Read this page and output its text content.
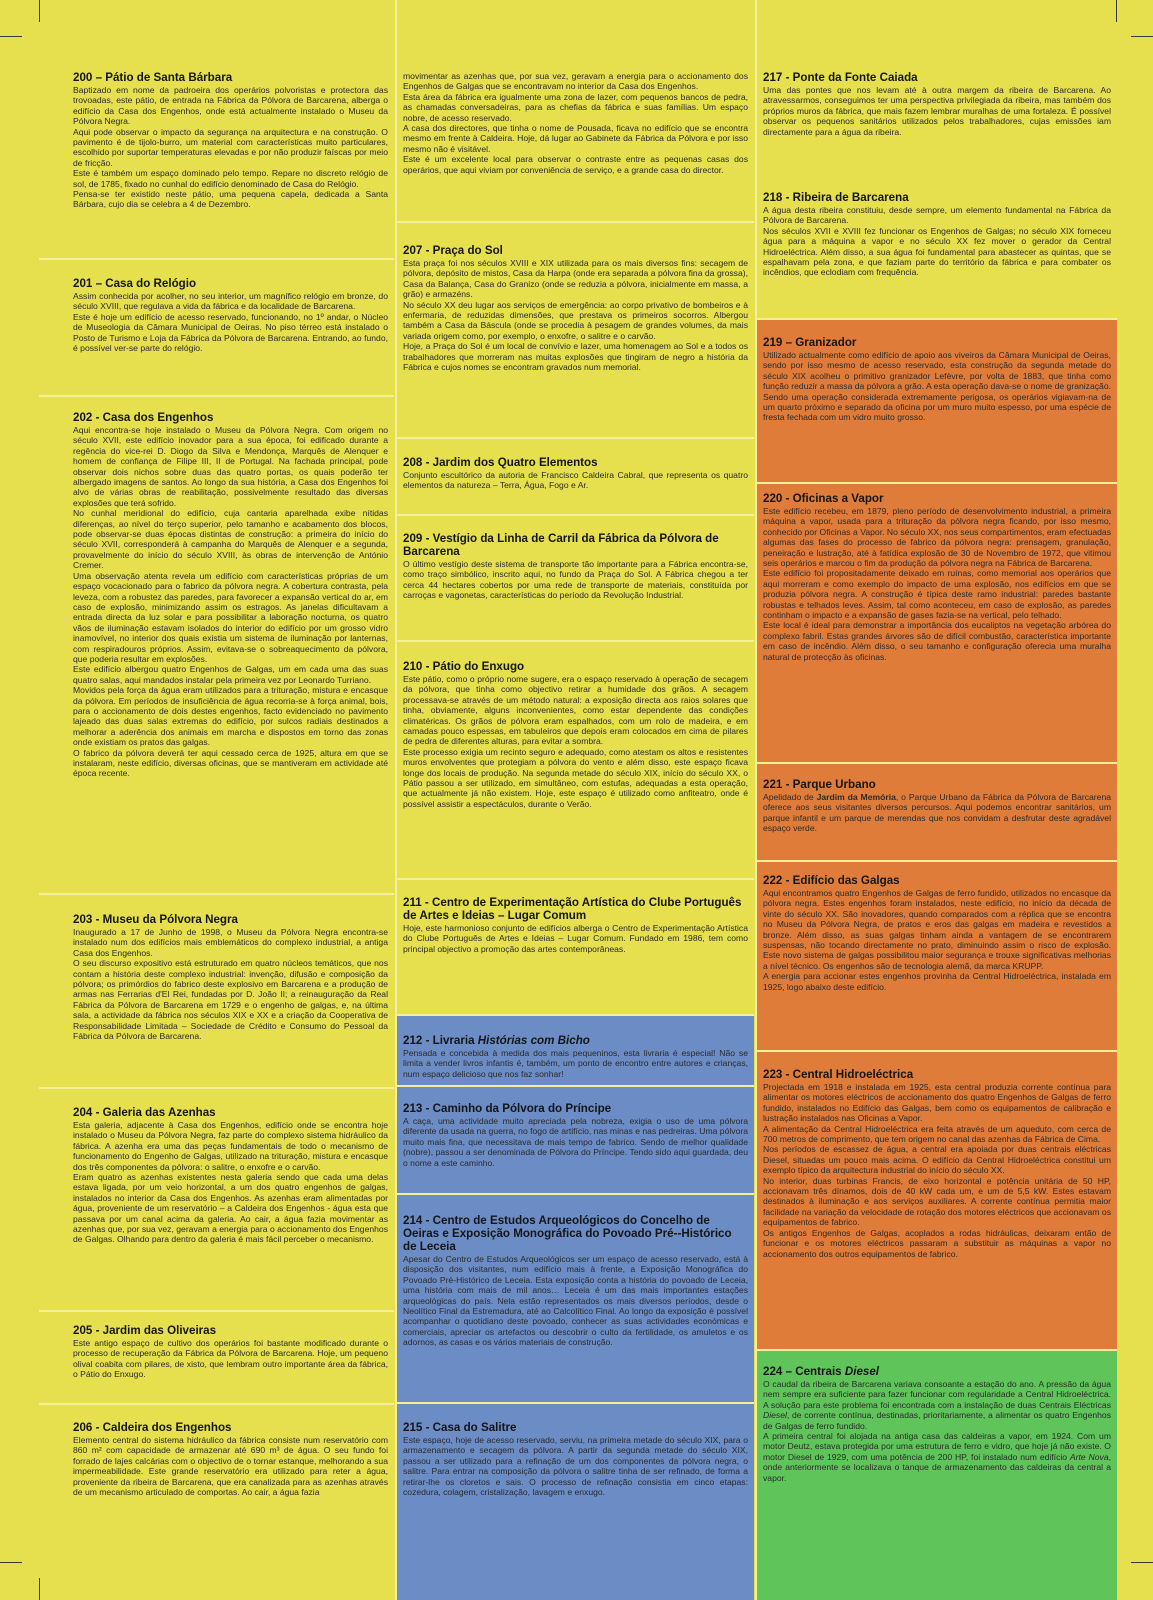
200 – Pátio de Santa Bárbara

Baptizado em nome da padroeira dos operários polvoristas e protectora das trovoadas, este pátio, de entrada na Fábrica da Pólvora de Barcarena, alberga o edifício da Casa dos Engenhos, onde está actualmente instalado o Museu da Pólvora Negra.

Aqui pode observar o impacto da segurança na arquitectura e na construção. O pavimento é de tijolo-burro, um material com características muito particulares, escolhido por suportar temperaturas elevadas e por não produzir faíscas por meio de fricção.

Este é também um espaço dominado pelo tempo. Repare no discreto relógio de sol, de 1785, fixado no cunhal do edifício denominado de Casa do Relógio.

Pensa-se ter existido neste pátio, uma pequena capela, dedicada a Santa Bárbara, cujo dia se celebra a 4 de Dezembro.

201 – Casa do Relógio

Assim conhecida por acolher, no seu interior, um magnífico relógio em bronze, do século XVIII, que regulava a vida da fábrica e da localidade de Barcarena.

Este é hoje um edifício de acesso reservado, funcionando, no 1º andar, o Núcleo de Museologia da Câmara Municipal de Oeiras. No piso térreo está instalado o Posto de Turismo e Loja da Fábrica da Pólvora de Barcarena. Entrando, ao fundo, é possível ver-se parte do relógio.

202 - Casa dos Engenhos

Aqui encontra-se hoje instalado o Museu da Pólvora Negra. Com origem no século XVII, este edifício inovador para a sua época, foi edificado durante a regência do vice-rei D. Diogo da Silva e Mendonça, Marquês de Alenquer e homem de confiança de Filipe III, II de Portugal. Na fachada principal, pode observar dois nichos sobre duas das quatro portas, os quais poderão ter albergado imagens de santos. Ao longo da sua história, a Casa dos Engenhos foi alvo de várias obras de reabilitação, possivelmente resultado das diversas explosões que terá sofrido.

No cunhal meridional do edifício, cuja cantaria aparelhada exibe nítidas diferenças, ao nível do terço superior, pelo tamanho e acabamento dos blocos, pode observar-se duas épocas distintas de construção: a primeira do início do século XVII, corresponderá à campanha do Marquês de Alenquer e a segunda, provavelmente do início do século XVIII, às obras de intervenção de António Cremer.

Uma observação atenta revela um edifício com características próprias de um espaço vocacionado para o fabrico da pólvora negra. A cobertura contrasta, pela leveza, com a robustez das paredes, para favorecer a expansão vertical do ar, em caso de explosão, minimizando assim os estragos. As janelas dificultavam a entrada directa da luz solar e para possibilitar a laboração nocturna, os quatro vãos de iluminação estavam isolados do interior do edifício por um grosso vidro inamovível, no interior dos quais existia um sistema de iluminação por lanternas, com respiradouros próprios. Assim, evitava-se o sobreaquecimento da pólvora, que poderia resultar em explosões.

Este edifício albergou quatro Engenhos de Galgas, um em cada uma das suas quatro salas, aqui mandados instalar pela primeira vez por Leonardo Turriano.

Movidos pela força da água eram utilizados para a trituração, mistura e encasque da pólvora. Em períodos de insuficiência de água recorria-se à força animal, bois, para o accionamento de dois destes engenhos, facto evidenciado no pavimento lajeado das duas salas extremas do edifício, por sulcos radiais destinados a melhorar a aderência dos animais em marcha e dispostos em torno das zonas onde existiam os pratos das galgas.

O fabrico da pólvora deverá ter aqui cessado cerca de 1925, altura em que se instalaram, neste edifício, diversas oficinas, que se mantiveram em actividade até época recente.

203 - Museu da Pólvora Negra

Inaugurado a 17 de Junho de 1998, o Museu da Pólvora Negra encontra-se instalado num dos edifícios mais emblemáticos do complexo industrial, a antiga Casa dos Engenhos.

O seu discurso expositivo está estruturado em quatro núcleos temáticos, que nos contam a história deste complexo industrial: invenção, difusão e composição da pólvora; os primórdios do fabrico deste explosivo em Barcarena e a produção de armas nas Ferrarias d'El Rei, fundadas por D. João II; a reinauguração da Real Fábrica da Pólvora de Barcarena em 1729 e o engenho de galgas, e, na última sala, a actividade da fábrica nos séculos XIX e XX e a criação da Cooperativa de Responsabilidade Limitada – Sociedade de Crédito e Consumo do Pessoal da Fábrica da Pólvora de Barcarena.

204 - Galeria das Azenhas

Esta galeria, adjacente à Casa dos Engenhos, edifício onde se encontra hoje instalado o Museu da Pólvora Negra, faz parte do complexo sistema hidráulico da fábrica. A azenha era uma das peças fundamentais de todo o mecanismo de funcionamento do Engenho de Galgas, utilizado na trituração, mistura e encasque dos três componentes da pólvora: o salitre, o enxofre e o carvão.

Eram quatro as azenhas existentes nesta galeria sendo que cada uma delas estava ligada, por um veio horizontal, a um dos quatro engenhos de galgas, instalados no interior da Casa dos Engenhos. As azenhas eram alimentadas por água, proveniente de um reservatório – a Caldeira dos Engenhos - água esta que passava por um canal acima da galeria. Ao cair, a água fazia movimentar as azenhas que, por sua vez, geravam a energia para o accionamento dos Engenhos de Galgas. Olhando para dentro da galeria é mais fácil perceber o mecanismo.

205 - Jardim das Oliveiras

Este antigo espaço de cultivo dos operários foi bastante modificado durante o processo de recuperação da Fábrica da Pólvora de Barcarena. Hoje, um pequeno olival coabita com pilares, de xisto, que lembram outro importante área da fábrica, o Pátio do Enxugo.

206 - Caldeira dos Engenhos

Elemento central do sistema hidráulico da fábrica consiste num reservatório com 860 m² com capacidade de armazenar até 690 m³ de água. O seu fundo foi forrado de lajes calcárias com o objectivo de o tornar estanque, melhorando a sua impermeabilidade. Este grande reservatório era utilizado para reter a água, proveniente da ribeira de Barcarena, que era canalizada para as azenhas através de um mecanismo articulado de comportas. Ao cair, a água fazia

movimentar as azenhas que, por sua vez, geravam a energia para o accionamento dos Engenhos de Galgas que se encontravam no interior da Casa dos Engenhos.

Esta área da fábrica era igualmente uma zona de lazer, com pequenos bancos de pedra, as chamadas conversadeiras, para as chefias da fábrica e suas famílias. Um espaço nobre, de acesso reservado.

A casa dos directores, que tinha o nome de Pousada, ficava no edifício que se encontra mesmo em frente à Caldeira. Hoje, dá lugar ao Gabinete da Fábrica da Pólvora e por isso mesmo não é visitável.

Este é um excelente local para observar o contraste entre as pequenas casas dos operários, que aqui viviam por conveniência de serviço, e a grande casa do director.

207 - Praça do Sol

Esta praça foi nos séculos XVIII e XIX utilizada para os mais diversos fins: secagem de pólvora, depósito de mistos, Casa da Harpa (onde era separada a pólvora fina da grossa), Casa da Balança, Casa do Granizo (onde se reduzia a pólvora, inicialmente em massa, a grão) e armazéns.

No século XX deu lugar aos serviços de emergência: ao corpo privativo de bombeiros e à enfermaria, de reduzidas dimensões, que prestava os primeiros socorros. Albergou também a Casa da Báscula (onde se procedia à pesagem de grandes volumes, da mais variada origem como, por exemplo, o enxofre, o salitre e o carvão.

Hoje, a Praça do Sol é um local de convívio e lazer, uma homenagem ao Sol e a todos os trabalhadores que morreram nas muitas explosões que tingiram de negro a história da Fábrica e cujos nomes se encontram gravados num memorial.

208 - Jardim dos Quatro Elementos

Conjunto escultórico da autoria de Francisco Caldeira Cabral, que representa os quatro elementos da natureza – Terra, Água, Fogo e Ar.

209 - Vestígio da Linha de Carril da Fábrica da Pólvora de Barcarena

O último vestígio deste sistema de transporte tão importante para a Fábrica encontra-se, como traço simbólico, inscrito aqui, no fundo da Praça do Sol. A Fábrica chegou a ter cerca 44 hectares cobertos por uma rede de transporte de materiais, constituída por carroças e vagonetas, características do período da Revolução Industrial.

210 - Pátio do Enxugo

Este pátio, como o próprio nome sugere, era o espaço reservado à operação de secagem da pólvora, que tinha como objectivo retirar a humidade dos grãos. A secagem processava-se através de um método natural: a exposição directa aos raios solares que tinha, obviamente, alguns inconvenientes, como estar dependente das condições climatéricas. Os grãos de pólvora eram espalhados, com um rolo de madeira, e em camadas pouco espessas, em tabuleiros que depois eram colocados em cima de pilares de pedra de diferentes alturas, para evitar a sombra.

Este processo exigia um recinto seguro e adequado, como atestam os altos e resistentes muros envolventes que protegiam a pólvora do vento e além disso, este espaço ficava longe dos locais de produção. Na segunda metade do século XIX, início do século XX, o Pátio passou a ser utilizado, em simultâneo, com estufas, adequadas a esta operação, que actualmente já não existem. Hoje, este espaço é utilizado como anfiteatro, onde é possível assistir a espectáculos, durante o Verão.

211 - Centro de Experimentação Artística do Clube Português de Artes e Ideias – Lugar Comum

Hoje, este harmonioso conjunto de edifícios alberga o Centro de Experimentação Artística do Clube Português de Artes e Ideias – Lugar Comum. Fundado em 1986, tem como principal objectivo a promoção das artes contemporâneas.

212 - Livraria Histórias com Bicho

Pensada e concebida à medida dos mais pequeninos, esta livraria é especial! Não se limita a vender livros infantis é, também, um ponto de encontro entre autores e crianças, num espaço delicioso que nos faz sonhar!

213 - Caminho da Pólvora do Príncipe

A caça, uma actividade muito apreciada pela nobreza, exigia o uso de uma pólvora diferente da usada na guerra, no fogo de artifício, nas minas e nas pedreiras. Uma pólvora muito mais fina, que necessitava de mais tempo de fabrico. Sendo de melhor qualidade (nobre), passou a ser denominada de Pólvora do Príncipe. Tendo sido aqui guardada, deu o nome a este caminho.

214 - Centro de Estudos Arqueológicos do Concelho de Oeiras e Exposição Monográfica do Povoado Pré--Histórico de Leceia

Apesar do Centro de Estudos Arqueológicos ser um espaço de acesso reservado, está à disposição dos visitantes, num edifício mais à frente, a Exposição Monográfica do Povoado Pré-Histórico de Leceia. Esta exposição conta a história do povoado de Leceia, uma história com mais de mil anos… Leceia é um das mais importantes estações arqueológicas do país. Nela estão representados os mais diversos períodos, desde o Neolítico Final da Estremadura, até ao Calcolítico Final. Ao longo da exposição é possível acompanhar o quotidiano deste povoado, conhecer as suas actividades económicas e comerciais, apreciar os artefactos ou descobrir o culto da fertilidade, os amuletos e os adornos, as casas e os vários materiais de construção.

215 - Casa do Salitre

Este espaço, hoje de acesso reservado, serviu, na primeira metade do século XIX, para o armazenamento e secagem da pólvora. A partir da segunda metade do século XIX, passou a ser utilizado para a refinação de um dos componentes da pólvora negra, o salitre. Para entrar na composição da pólvora o salitre tinha de ser refinado, de forma a retirar-lhe os cloretos e sais. O processo de refinação consistia em cinco etapas: cozedura, colagem, cristalização, lavagem e enxugo.

217 - Ponte da Fonte Caiada

Uma das pontes que nos levam até à outra margem da ribeira de Barcarena. Ao atravessarmos, conseguimos ter uma perspectiva privilegiada da ribeira, mas também dos próprios muros da fábrica, que mais fazem lembrar muralhas de uma fortaleza. É possível observar os pequenos sanitários utilizados pelos trabalhadores, cujas emissões iam directamente para a água da ribeira.

218 - Ribeira de Barcarena

A água desta ribeira constituiu, desde sempre, um elemento fundamental na Fábrica da Pólvora de Barcarena.

Nos séculos XVII e XVIII fez funcionar os Engenhos de Galgas; no século XIX forneceu água para a máquina a vapor e no século XX fez mover o gerador da Central Hidroeléctrica. Além disso, a sua água foi fundamental para abastecer as quintas, que se espalhavam pela zona, e que faziam parte do território da fábrica e para combater os incêndios, que eclodiam com frequência.

219 – Granizador

Utilizado actualmente como edifício de apoio aos viveiros da Câmara Municipal de Oeiras, sendo por isso mesmo de acesso reservado, esta construção da segunda metade do século XIX acolheu o primitivo granizador Lefèvre, por volta de 1883, que tinha como função reduzir a massa da pólvora a grão. A esta operação dava-se o nome de granização. Sendo uma operação considerada extremamente perigosa, os operários vigiavam-na de um quarto próximo e separado da oficina por um muro muito espesso, por uma espécie de fresta fechada com um vidro muito grosso.

220 - Oficinas a Vapor

Este edifício recebeu, em 1879, pleno período de desenvolvimento industrial, a primeira máquina a vapor, usada para a trituração da pólvora negra ficando, por isso mesmo, conhecido por Oficinas a Vapor. No século XX, nos seus compartimentos, eram efectuadas algumas das fases do processo de fabrico da pólvora negra: prensagem, granulação, peneiração e lustração, até à fatídica explosão de 30 de Novembro de 1972, que vitimou seis operários e marcou o fim da produção da pólvora negra na Fábrica de Barcarena.

Este edifício foi propositadamente deixado em ruínas, como memorial aos operários que aqui morreram e como exemplo do impacto de uma explosão, nos edifícios em que se produzia pólvora negra. A construção é típica deste ramo industrial: paredes bastante robustas e telhados leves. Assim, tal como aconteceu, em caso de explosão, as paredes continham o impacto e a expansão de gases fazia-se na vertical, pelo telhado.

Este local é ideal para demonstrar a importância dos eucaliptos na vegetação arbórea do complexo fabril. Estas grandes árvores são de difícil combustão, característica importante em caso de incêndio. Além disso, o seu tamanho e configuração oferecia uma muralha natural de protecção às oficinas.

221 - Parque Urbano

Apelidado de Jardim da Memória, o Parque Urbano da Fábrica da Pólvora de Barcarena oferece aos seus visitantes diversos percursos. Aqui podemos encontrar sanitários, um parque infantil e um parque de merendas que nos convidam a desfrutar deste agradável espaço verde.

222 - Edifício das Galgas

Aqui encontramos quatro Engenhos de Galgas de ferro fundido, utilizados no encasque da pólvora negra. Estes engenhos foram instalados, neste edifício, no início da década de vinte do século XX. São inovadores, quando comparados com a réplica que se encontra no Museu da Pólvora Negra, de pratos e eros das galgas em madeira e revestidos a bronze. Além disso, as suas galgas tinham ainda a vantagem de se encontrarem suspensas, não tocando directamente no prato, diminuindo assim o risco de explosão. Este novo sistema de galgas possibilitou maior segurança e trouxe significativas melhorias a nível técnico. Os engenhos são de tecnologia alemã, da marca KRUPP.

A energia para accionar estes engenhos provinha da Central Hidroeléctrica, instalada em 1925, logo abaixo deste edifício.

223 - Central Hidroeléctrica

Projectada em 1918 e instalada em 1925, esta central produzia corrente contínua para alimentar os motores eléctricos de accionamento dos quatro Engenhos de Galgas de ferro fundido, instalados no Edifício das Galgas, bem como os equipamentos de calibração e lustração instalados nas Oficinas a Vapor.

A alimentação da Central Hidroeléctrica era feita através de um aqueduto, com cerca de 700 metros de comprimento, que tem origem no canal das azenhas da Fábrica de Cima.

Nos períodos de escassez de água, a central era apoiada por duas centrais eléctricas Diesel, situadas um pouco mais acima. O edifício da Central Hidroeléctrica constitui um exemplo típico da arquitectura industrial do início do século XX.

No interior, duas turbinas Francis, de eixo horizontal e potência unitária de 50 HP, accionavam três dínamos, dois de 40 kW cada um, e um de 5,5 kW. Estes estavam destinados à iluminação e aos serviços auxiliares. A corrente contínua permitia maior facilidade na variação da velocidade de rotação dos motores eléctricos que accionavam os equipamentos de fabrico.

Os antigos Engenhos de Galgas, acoplados a rodas hidráulicas, deixaram então de funcionar e os motores eléctricos passaram a substituir as máquinas a vapor no accionamento dos outros equipamentos de fabrico.

224 – Centrais Diesel

O caudal da ribeira de Barcarena variava consoante a estação do ano. A pressão da água nem sempre era suficiente para fazer funcionar com regularidade a Central Hidroeléctrica. A solução para este problema foi encontrada com a instalação de duas Centrais Eléctricas Diesel, de corrente contínua, destinadas, prioritariamente, a alimentar os quatro Engenhos de Galgas de ferro fundido.

A primeira central foi alojada na antiga casa das caldeiras a vapor, em 1924. Com um motor Deutz, estava protegida por uma estrutura de ferro e vidro, que hoje já não existe. O motor Diesel de 1929, com uma potência de 200 HP, foi instalado num edifício Arte Nova, onde anteriormente se localizava o tanque de armazenamento das caldeiras da central a vapor.
